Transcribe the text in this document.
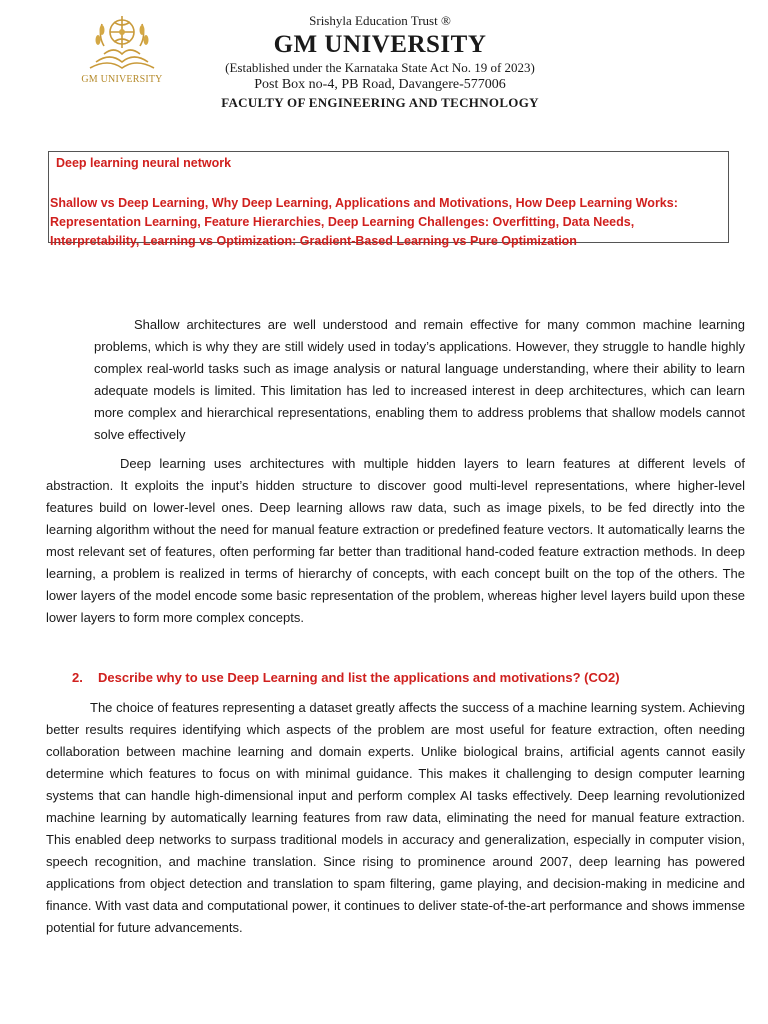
GM UNIVERSITY
Srishyla Education Trust ®
GM UNIVERSITY
(Established under the Karnataka State Act No. 19 of 2023)
Post Box no-4, PB Road, Davangere-577006
FACULTY OF ENGINEERING AND TECHNOLOGY
Deep learning neural network
Shallow vs Deep Learning, Why Deep Learning, Applications and Motivations, How Deep Learning Works: Representation Learning, Feature Hierarchies, Deep Learning Challenges: Overfitting, Data Needs, Interpretability, Learning vs Optimization: Gradient-Based Learning vs Pure Optimization
Shallow architectures are well understood and remain effective for many common machine learning problems, which is why they are still widely used in today’s applications. However, they struggle to handle highly complex real-world tasks such as image analysis or natural language understanding, where their ability to learn adequate models is limited. This limitation has led to increased interest in deep architectures, which can learn more complex and hierarchical representations, enabling them to address problems that shallow models cannot solve effectively
Deep learning uses architectures with multiple hidden layers to learn features at different levels of abstraction. It exploits the input’s hidden structure to discover good multi-level representations, where higher-level features build on lower-level ones. Deep learning allows raw data, such as image pixels, to be fed directly into the learning algorithm without the need for manual feature extraction or predefined feature vectors. It automatically learns the most relevant set of features, often performing far better than traditional hand-coded feature extraction methods. In deep learning, a problem is realized in terms of hierarchy of concepts, with each concept built on the top of the others. The lower layers of the model encode some basic representation of the problem, whereas higher level layers build upon these lower layers to form more complex concepts.
2. Describe why to use Deep Learning and list the applications and motivations? (CO2)
The choice of features representing a dataset greatly affects the success of a machine learning system. Achieving better results requires identifying which aspects of the problem are most useful for feature extraction, often needing collaboration between machine learning and domain experts. Unlike biological brains, artificial agents cannot easily determine which features to focus on with minimal guidance. This makes it challenging to design computer learning systems that can handle high-dimensional input and perform complex AI tasks effectively. Deep learning revolutionized machine learning by automatically learning features from raw data, eliminating the need for manual feature extraction. This enabled deep networks to surpass traditional models in accuracy and generalization, especially in computer vision, speech recognition, and machine translation. Since rising to prominence around 2007, deep learning has powered applications from object detection and translation to spam filtering, game playing, and decision-making in medicine and finance. With vast data and computational power, it continues to deliver state-of-the-art performance and shows immense potential for future advancements.
